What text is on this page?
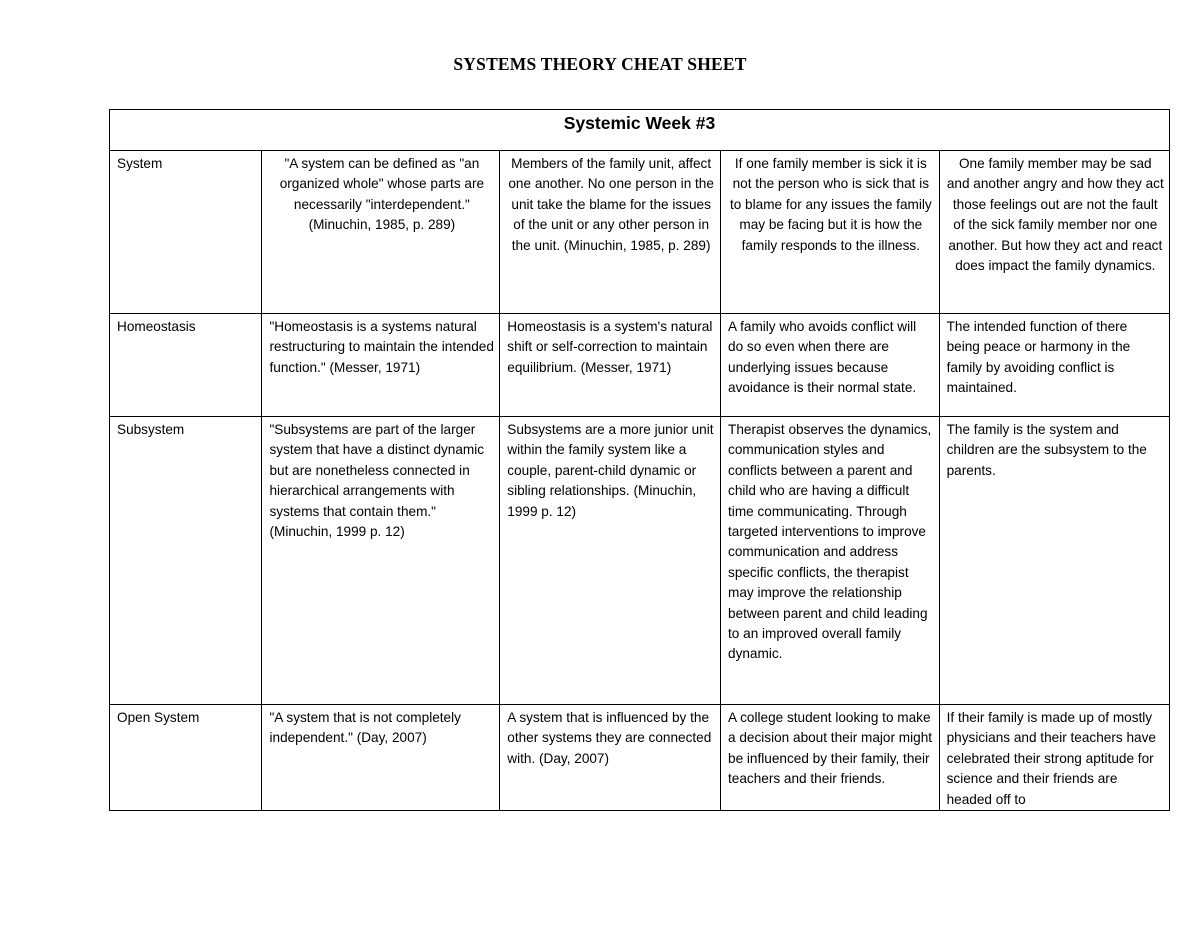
SYSTEMS THEORY CHEAT SHEET
Systemic Week #3				

System	"A system can be defined as "an organized whole" whose parts are necessarily "interdependent." (Minuchin, 1985, p. 289)	Members of the family unit, affect one another. No one person in the unit take the blame for the issues of the unit or any other person in the unit. (Minuchin, 1985, p. 289)	If one family member is sick it is not the person who is sick that is to blame for any issues the family may be facing but it is how the family responds to the illness.	One family member may be sad and another angry and how they act those feelings out are not the fault of the sick family member nor one another. But how they act and react does impact the family dynamics.
Homeostasis	"Homeostasis is a systems natural restructuring to maintain the intended function." (Messer, 1971)	Homeostasis is a system's natural shift or self-correction to maintain equilibrium. (Messer, 1971)	A family who avoids conflict will do so even when there are underlying issues because avoidance is their normal state.	The intended function of there being peace or harmony in the family by avoiding conflict is maintained.
Subsystem	"Subsystems are part of the larger system that have a distinct dynamic but are nonetheless connected in hierarchical arrangements with systems that contain them." (Minuchin, 1999 p. 12)	Subsystems are a more junior unit within the family system like a couple, parent-child dynamic or sibling relationships. (Minuchin, 1999 p. 12)	Therapist observes the dynamics, communication styles and conflicts between a parent and child who are having a difficult time communicating. Through targeted interventions to improve communication and address specific conflicts, the therapist may improve the relationship between parent and child leading to an improved overall family dynamic.	The family is the system and children are the subsystem to the parents.
Open System	"A system that is not completely independent." (Day, 2007)	A system that is influenced by the other systems they are connected with. (Day, 2007)	A college student looking to make a decision about their major might be influenced by their family, their teachers and their friends.	If their family is made up of mostly physicians and their teachers have celebrated their strong aptitude for science and their friends are headed off to
